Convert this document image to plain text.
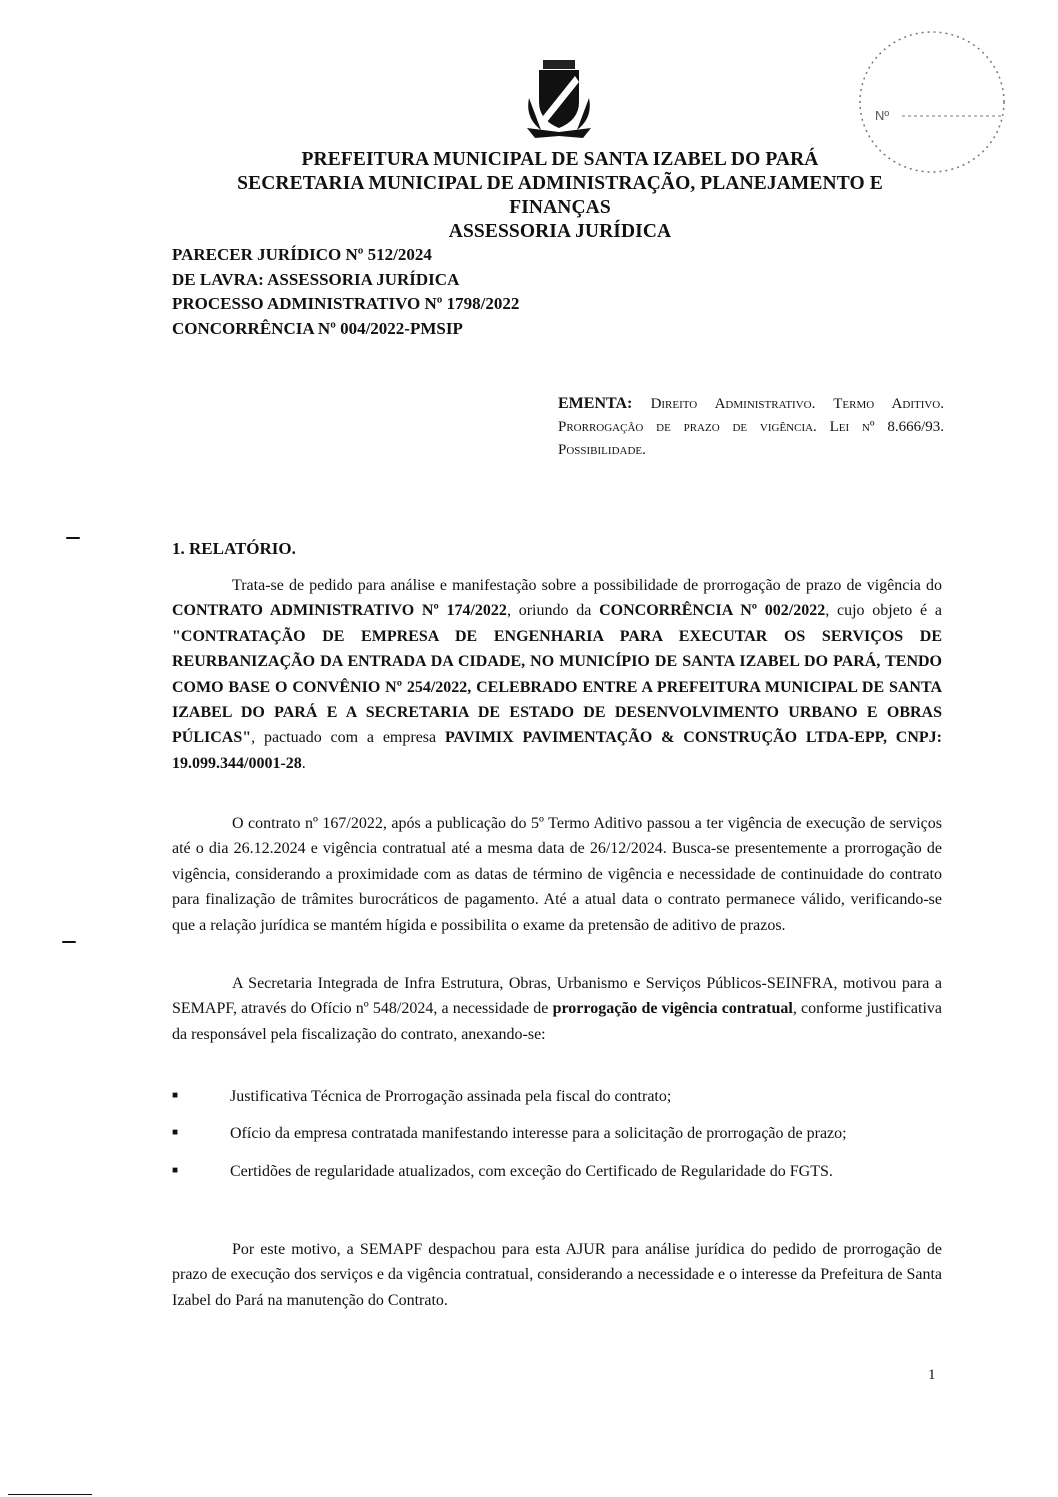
Nº
PREFEITURA MUNICIPAL DE SANTA IZABEL DO PARÁ
SECRETARIA MUNICIPAL DE ADMINISTRAÇÃO, PLANEJAMENTO E FINANÇAS
ASSESSORIA JURÍDICA
PARECER JURÍDICO Nº 512/2024
DE LAVRA: ASSESSORIA JURÍDICA
PROCESSO ADMINISTRATIVO Nº 1798/2022
CONCORRÊNCIA Nº 004/2022-PMSIP
EMENTA: Direito Administrativo. Termo Aditivo. Prorrogação de prazo de vigência. Lei nº 8.666/93. Possibilidade.
1. RELATÓRIO.

Trata-se de pedido para análise e manifestação sobre a possibilidade de prorrogação de prazo de vigência do CONTRATO ADMINISTRATIVO Nº 174/2022, oriundo da CONCORRÊNCIA Nº 002/2022, cujo objeto é a "CONTRATAÇÃO DE EMPRESA DE ENGENHARIA PARA EXECUTAR OS SERVIÇOS DE REURBANIZAÇÃO DA ENTRADA DA CIDADE, NO MUNICÍPIO DE SANTA IZABEL DO PARÁ, TENDO COMO BASE O CONVÊNIO Nº 254/2022, CELEBRADO ENTRE A PREFEITURA MUNICIPAL DE SANTA IZABEL DO PARÁ E A SECRETARIA DE ESTADO DE DESENVOLVIMENTO URBANO E OBRAS PÚLICAS", pactuado com a empresa PAVIMIX PAVIMENTAÇÃO & CONSTRUÇÃO LTDA-EPP, CNPJ: 19.099.344/0001-28.

O contrato nº 167/2022, após a publicação do 5º Termo Aditivo passou a ter vigência de execução de serviços até o dia 26.12.2024 e vigência contratual até a mesma data de 26/12/2024. Busca-se presentemente a prorrogação de vigência, considerando a proximidade com as datas de término de vigência e necessidade de continuidade do contrato para finalização de trâmites burocráticos de pagamento. Até a atual data o contrato permanece válido, verificando-se que a relação jurídica se mantém hígida e possibilita o exame da pretensão de aditivo de prazos.

A Secretaria Integrada de Infra Estrutura, Obras, Urbanismo e Serviços Públicos-SEINFRA, motivou para a SEMAPF, através do Ofício nº 548/2024, a necessidade de prorrogação de vigência contratual, conforme justificativa da responsável pela fiscalização do contrato, anexando-se:

■	Justificativa Técnica de Prorrogação assinada pela fiscal do contrato;
■	Ofício da empresa contratada manifestando interesse para a solicitação de prorrogação de prazo;
■	Certidões de regularidade atualizados, com exceção do Certificado de Regularidade do FGTS.

Por este motivo, a SEMAPF despachou para esta AJUR para análise jurídica do pedido de prorrogação de prazo de execução dos serviços e da vigência contratual, considerando a necessidade e o interesse da Prefeitura de Santa Izabel do Pará na manutenção do Contrato.

1
